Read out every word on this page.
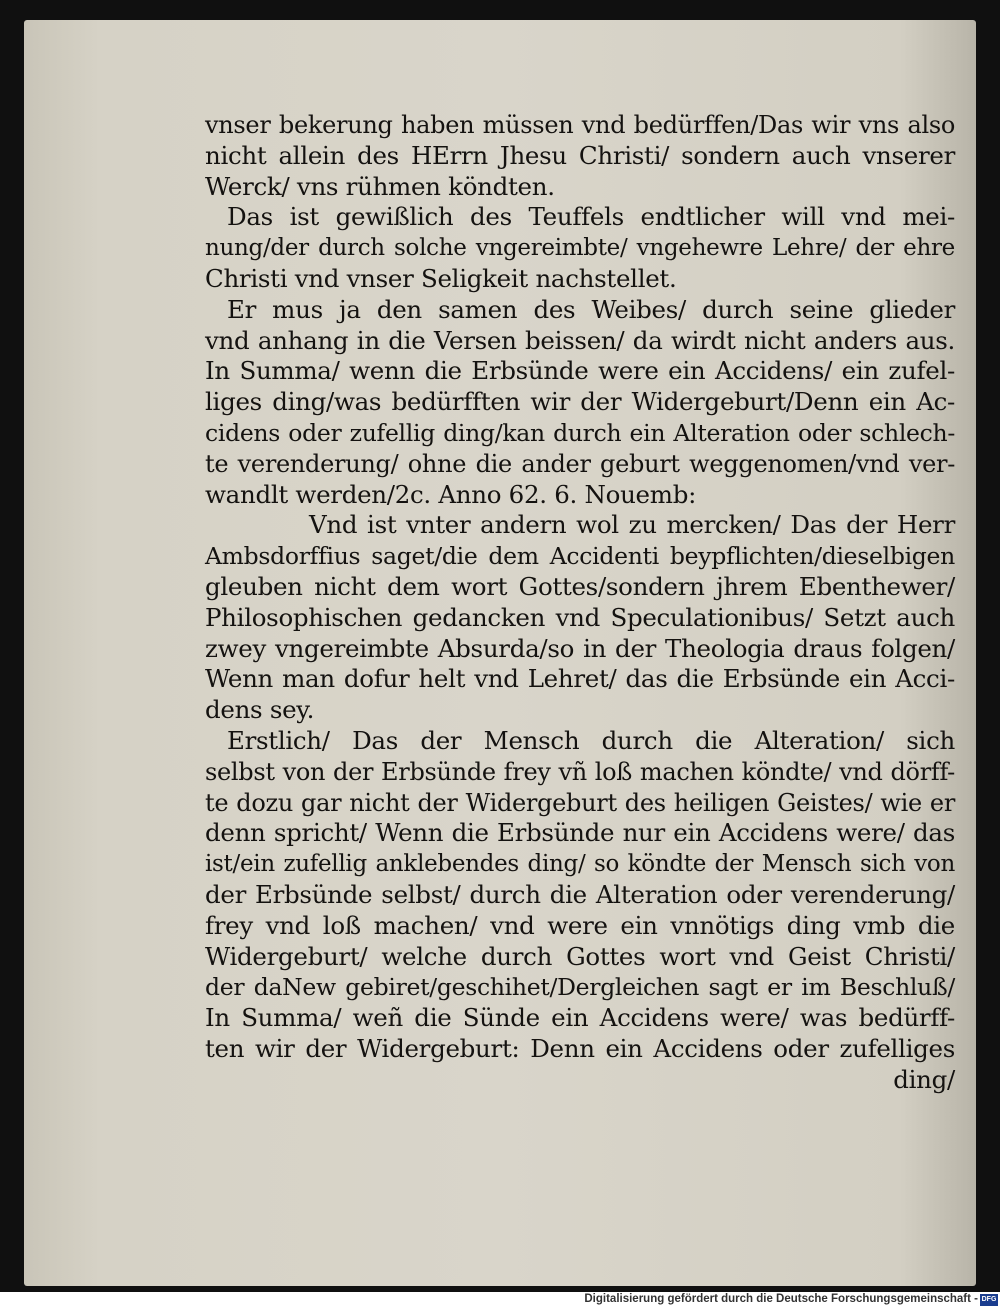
vnser bekerung haben müssen vnd bedürffen/Das wir vns also
nicht allein des HErrn Jhesu Christi/ sondern auch vnserer
Werck/ vns rühmen köndten.
Das ist gewißlich des Teuffels endtlicher will vnd mei-
nung/der durch solche vngereimbte/ vngehewre Lehre/ der ehre
Christi vnd vnser Seligkeit nachstellet.
Er mus ja den samen des Weibes/ durch seine glieder
vnd anhang in die Versen beissen/ da wirdt nicht anders aus.
In Summa/ wenn die Erbsünde were ein Accidens/ ein zufel-
liges ding/was bedürfften wir der Widergeburt/Denn ein Ac-
cidens oder zufellig ding/kan durch ein Alteration oder schlech-
te verenderung/ ohne die ander geburt weggenomen/vnd ver-
wandlt werden/2c. Anno 62. 6. Nouemb:
Vnd ist vnter andern wol zu mercken/ Das der Herr
Ambsdorffius saget/die dem Accidenti beypflichten/dieselbigen
gleuben nicht dem wort Gottes/sondern jhrem Ebenthewer/
Philosophischen gedancken vnd Speculationibus/ Setzt auch
zwey vngereimbte Absurda/so in der Theologia draus folgen/
Wenn man dofur helt vnd Lehret/ das die Erbsünde ein Acci-
dens sey.
Erstlich/ Das der Mensch durch die Alteration/ sich
selbst von der Erbsünde frey vñ loß machen köndte/ vnd dörff-
te dozu gar nicht der Widergeburt des heiligen Geistes/ wie er
denn spricht/ Wenn die Erbsünde nur ein Accidens were/ das
ist/ein zufellig anklebendes ding/ so köndte der Mensch sich von
der Erbsünde selbst/ durch die Alteration oder verenderung/
frey vnd loß machen/ vnd were ein vnnötigs ding vmb die
Widergeburt/ welche durch Gottes wort vnd Geist Christi/
der daNew gebiret/geschihet/Dergleichen sagt er im Beschluß/
In Summa/ weñ die Sünde ein Accidens were/ was bedürff-
ten wir der Widergeburt: Denn ein Accidens oder zufelliges
ding/
Digitalisierung gefördert durch die Deutsche Forschungsgemeinschaft - DFG
